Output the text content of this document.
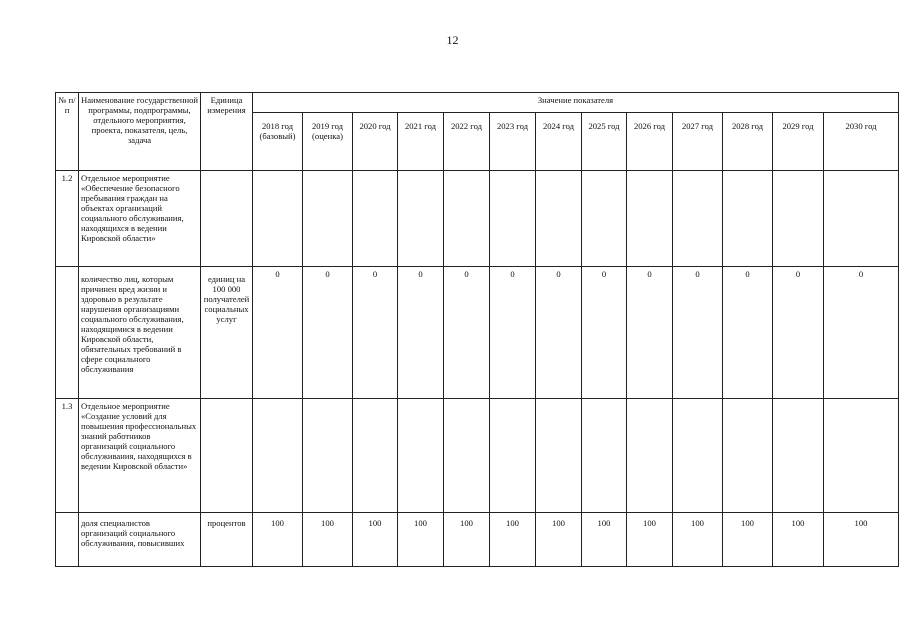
12
№ п/п	Наименование государственной программы, подпрограммы, отдельного мероприятия, проекта, показателя, цель, задача	Единица измерения	Значение показателя												
			2018 год (базовый)	2019 год (оценка)	2020 год	2021 год	2022 год	2023 год	2024 год	2025 год	2026 год	2027 год	2028 год	2029 год	2030 год
1.2	Отдельное мероприятие «Обеспечение безопасного пребывания граждан на объектах организаций социального обслуживания, находящихся в ведении Кировской области»														
	количество лиц, которым причинен вред жизни и здоровью в результате нарушения организациями социального обслуживания, находящимися в ведении Кировской области, обязательных требований в сфере социального обслуживания	единиц на 100 000 получателей социальных услуг	0	0	0	0	0	0	0	0	0	0	0	0	0
1.3	Отдельное мероприятие «Создание условий для повышения профессиональных знаний работников организаций социального обслуживания, находящихся в ведении Кировской области»														
	доля специалистов организаций социального обслуживания, повысивших	процентов	100	100	100	100	100	100	100	100	100	100	100	100	100
